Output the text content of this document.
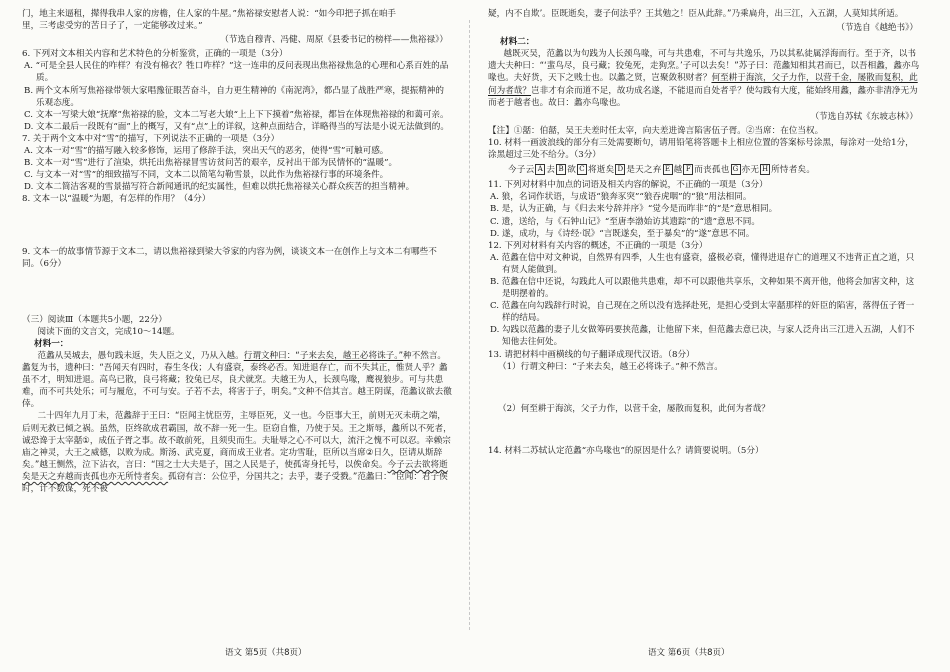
门，地主来逼租，撵得我串人家的房檐，住人家的牛屋。”焦裕禄安慰者人说：“如今印把子抓在咱手

里，三考虑受穷的苦日子了，一定能够改过来。”

（节选自穆青、冯健、周原《县委书记的榜样——焦裕禄》）

6. 下列对文本相关内容和艺术特色的分析鉴赏，正确的一项是（3分）

A. “可是全县人民住的咋样？有没有棉衣？牲口咋样？”这一连串的反问表现出焦裕禄焦急的心理和心系百姓的品质。

B. 两个文本所写焦裕禄带领大家唱豫征眼苦奋斗，自力更生精神的《南泥湾》，都凸显了战胜严寒，提振精神的乐观态度。

C. 文本一写梁大娘“抚摩”焦裕禄的脸，文本二写老大娘“上上下下摸着”焦裕禄，都旨在体现焦裕禄的和蔼可亲。

D. 文本二最后一段既有“面”上的概写，又有“点”上的详叙，这种点面结合，详略得当的写法是小说无法做到的。

7. 关于两个文本中对“雪”的描写，下列说法不正确的一项是（3分）

A. 文本一对“雪”的描写融入较多修饰，运用了修辞手法，突出天气的恶劣，使得“雪”可触可感。

B. 文本一对“雪”进行了渲染，烘托出焦裕禄冒雪访贫问苦的艰辛，反衬出干部为民情怀的“温暖”。

C. 与文本一对“雪”的细致描写不同，文本二以简笔勾勒雪景，以此作为焦裕禄行事的环境条件。

D. 文本二简洁客观的雪景描写符合新闻通讯的纪实属性，但难以烘托焦裕禄关心群众疾苦的担当精神。

8. 文本一以“温暖”为题，有怎样的作用？（4分）

9. 文本一的故事情节源于文本二，请以焦裕禄到梁大爷家的内容为例，谈谈文本一在创作上与文本二有哪些不同。（6分）

（三）阅读Ⅲ（本题共5小题，22分）

阅读下面的文言文，完成10～14题。

材料一：

范蠡从吴城去，愚句践未返，失人臣之义，乃从入越。行谓文种曰：“子来去矣，越王必将诛子。”种不然言。蠡复为书，遗种曰：“吾闻天有四时，春生冬伐；人有盛衰，泰终必否。知进退存亡，而不失其正，惟贤人乎？蠡虽不才，明知进退。高鸟已散，良弓将藏；狡兔已尽，良犬就烹。夫越王为人，长颈鸟喙，鹰视狼步。可与共患难，而不可共处乐；可与履危，不可与安。子若不去，将害于子，明矣。”文种不信其言。越王阴谋，范蠡议欲去徼倖。

二十四年九月丁未，范蠡辞于王曰：“臣闻主忧臣劳，主辱臣死，义一也。今臣事大王，前则无灭未萌之端，后则无救已倾之祸。虽然，臣终欲成君霸国，故不辞一死一生。臣窃自惟，乃使于吴。王之斯辱，蠡所以不死者，诚恐谗于太宰嚭①，成伍子胥之事。故不敢前死，且须臾而生。夫耻辱之心不可以大，流汗之愧不可以忍。幸赖宗庙之神灵，大王之威德，以败为成。斯汤、武克夏，商而成王业者。定功雪耻，臣所以当席②日久，臣请从斯辞矣。”越王恻然，泣下沾衣，言曰：“国之士大夫是子，国之人民是子，使孤寄身托号，以俟命矣。今子云去欲将逝矣是天之弃越而丧孤也亦无所恃者矣。孤窃有言：公位乎，分国共之；去乎，妻子受戮。”范蠡曰：“臣闻：君子俟时，计不数谋，死不被

疑，内不自欺’。臣既逝矣，妻子何法乎？王其勉之！臣从此辞。”乃乘扁舟，出三江，入五湖，人莫知其所适。

（节选自《越绝书》）

材料二：

越既灭吴，范蠡以为句践为人长颈鸟喙，可与共患难，不可与共逸乐，乃以其私徒属浮海而行。至于齐，以书遗大夫种曰：“‘蜚鸟尽，良弓藏；狡兔死，走狗烹。’子可以去矣！”苏子曰：范蠡知相其君而已，以吾相蠡，蠡亦鸟喙也。夫好货，天下之贱士也。以蠡之贤，岂聚敛积财者？何至耕于海滨，父子力作，以营千金，屡散而复积，此何为者哉？岂非才有余而道不足，故功成名遂，不能退而自处者乎？使勾践有大度，能始终用蠡，蠡亦非清净无为而老于越者也。故曰：蠡亦鸟喙也。

（节选自苏轼《东坡志林》）

【注】①嚭：伯嚭，吴王夫差时任太宰，向夫差进谗言陷害伍子胥。②当席：在位当权。

10. 材料一画波浪线的部分有三处需要断句，请用铅笔将答题卡上相应位置的答案标号涂黑，每涂对一处给1分，涂黑超过三处不给分。（3分）

今子云 A 去 B 欲 C 将逝矣 D 是天之弃 E 越 F 而丧孤也 G 亦无 H 所恃者矣。

11. 下列对材料中加点的词语及相关内容的解说，不正确的一项是（3分）

A. 狼，名词作状语，与成语“狼奔豕突”“狼吞虎咽”的“狼”用法相同。

B. 是，认为正确，与《归去来兮辞并序》“觉今是而昨非”的“是”意思相同。

C. 遗，送给，与《石钟山记》“至唐李渤始访其遗踪”的“遗”意思不同。

D. 遂，成功，与《诗经·氓》“言既遂矣，至于暴矣”的“遂”意思不同。

12. 下列对材料有关内容的概述，不正确的一项是（3分）

A. 范蠡在信中对文种说，自然界有四季，人生也有盛衰，盛极必衰，懂得进退存亡的道理又不违背正直之道，只有贤人能做到。

B. 范蠡在信中还说，勾践此人可以跟他共患难，却不可以跟他共享乐，文种如果不离开他，他将会加害文种，这是明摆着的。

C. 范蠡在向勾践辞行时说，自己现在之所以没有选择赴死，是担心受到太宰嚭那样的奸臣的陷害，落得伍子胥一样的结局。

D. 勾践以范蠡的妻子儿女做筹码要挟范蠡，让他留下来，但范蠡去意已决，与家人泛舟出三江进入五湖，人们不知他去往何处。

13. 请把材料中画横线的句子翻译成现代汉语。（8分）

（1）行谓文种曰：“子来去矣，越王必将诛子。”种不然言。

（2）何至耕于海滨，父子力作，以营千金，屡散而复积，此何为者哉？

14. 材料二苏轼认定范蠡“亦鸟喙也”的原因是什么？请简要说明。（5分）

语文 第5页（共8页）	语文 第6页（共8页）
